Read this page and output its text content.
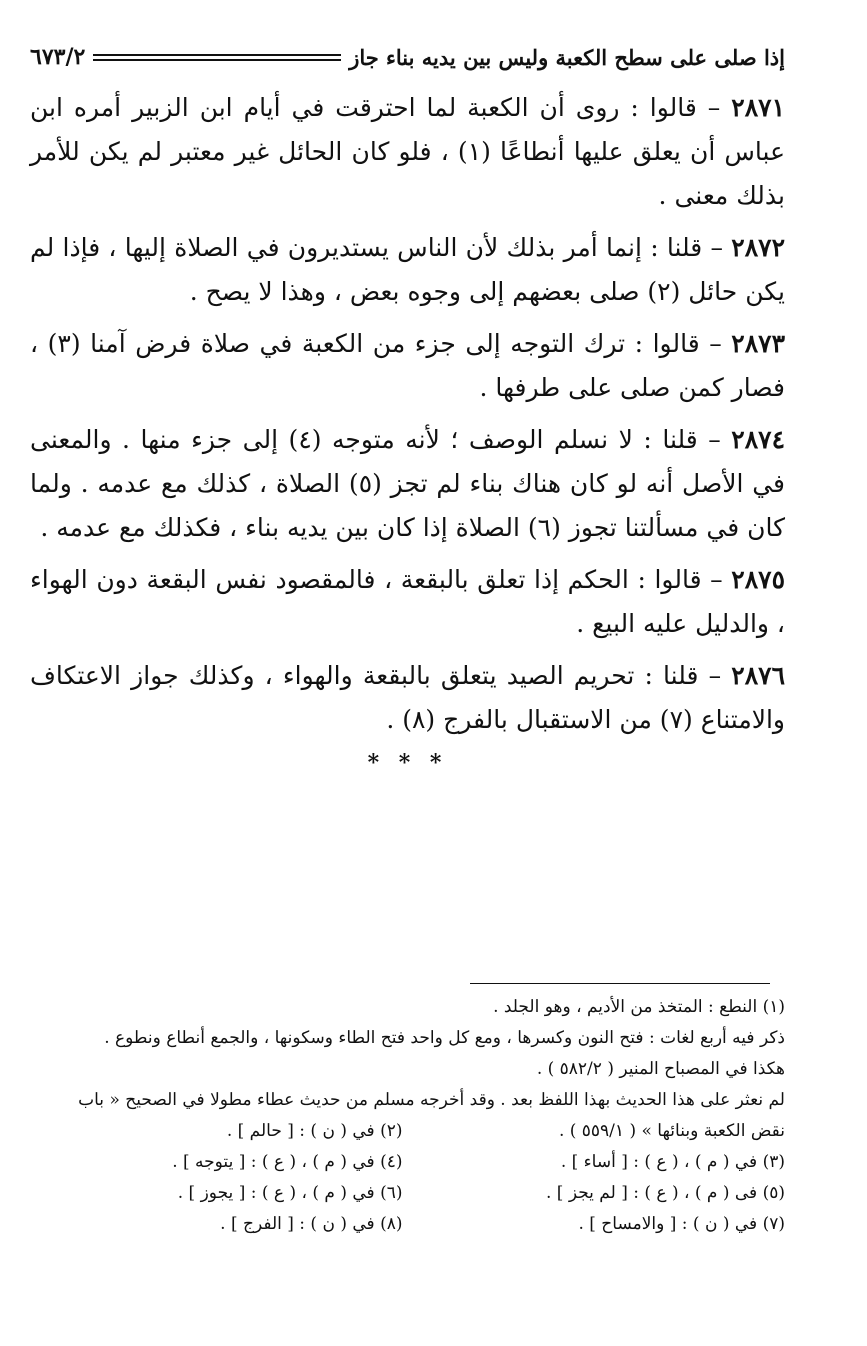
إذا صلى على سطح الكعبة وليس بين يديه بناء جاز
٦٧٣/٢

٢٨٧١ – قالوا : روى أن الكعبة لما احترقت في أيام ابن الزبير أمره ابن عباس أن يعلق عليها أنطاعًا (١) ، فلو كان الحائل غير معتبر لم يكن للأمر بذلك معنى .

٢٨٧٢ – قلنا : إنما أمر بذلك لأن الناس يستديرون في الصلاة إليها ، فإذا لم يكن حائل (٢) صلى بعضهم إلى وجوه بعض ، وهذا لا يصح .

٢٨٧٣ – قالوا : ترك التوجه إلى جزء من الكعبة في صلاة فرض آمنا (٣) ، فصار كمن صلى على طرفها .

٢٨٧٤ – قلنا : لا نسلم الوصف ؛ لأنه متوجه (٤) إلى جزء منها . والمعنى في الأصل أنه لو كان هناك بناء لم تجز (٥) الصلاة ، كذلك مع عدمه . ولما كان في مسألتنا تجوز (٦) الصلاة إذا كان بين يديه بناء ، فكذلك مع عدمه .

٢٨٧٥ – قالوا : الحكم إذا تعلق بالبقعة ، فالمقصود نفس البقعة دون الهواء ، والدليل عليه البيع .

٢٨٧٦ – قلنا : تحريم الصيد يتعلق بالبقعة والهواء ، وكذلك جواز الاعتكاف والامتناع (٧) من الاستقبال بالفرج (٨) .

* * *

(١) النطع : المتخذ من الأديم ، وهو الجلد .

ذكر فيه أربع لغات : فتح النون وكسرها ، ومع كل واحد فتح الطاء وسكونها ، والجمع أنطاع ونطوع .

هكذا في المصباح المنير ( ٥٨٢/٢ ) .

لم نعثر على هذا الحديث بهذا اللفظ بعد . وقد أخرجه مسلم من حديث عطاء مطولا في الصحيح « باب

نقض الكعبة وبنائها » ( ٥٥٩/١ ) .
(٢) في ( ن ) : [ حالم ] .
(٣) في ( م ) ، ( ع ) : [ أساء ] .
(٤) في ( م ) ، ( ع ) : [ يتوجه ] .
(٥) فى ( م ) ، ( ع ) : [ لم يجز ] .
(٦) في ( م ) ، ( ع ) : [ يجوز ] .
(٧) في ( ن ) : [ والامساح ] .
(٨) في ( ن ) : [ الفرج ] .
